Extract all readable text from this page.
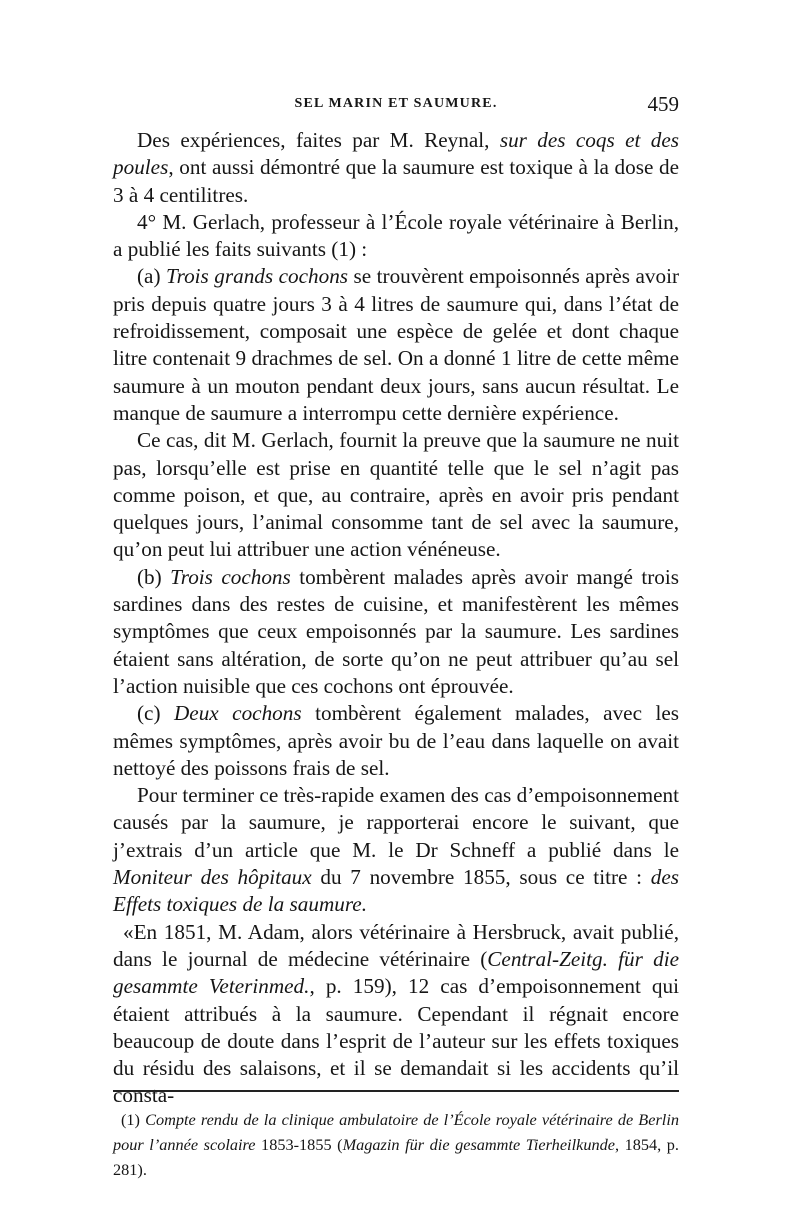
SEL MARIN ET SAUMURE.	459

Des expériences, faites par M. Reynal, sur des coqs et des poules, ont aussi démontré que la saumure est toxique à la dose de 3 à 4 centilitres.

4° M. Gerlach, professeur à l’École royale vétérinaire à Berlin, a publié les faits suivants (1) :

(a) Trois grands cochons se trouvèrent empoisonnés après avoir pris depuis quatre jours 3 à 4 litres de saumure qui, dans l’état de refroidissement, composait une espèce de gelée et dont chaque litre contenait 9 drachmes de sel. On a donné 1 litre de cette même saumure à un mouton pendant deux jours, sans aucun résultat. Le manque de saumure a interrompu cette dernière expérience.

Ce cas, dit M. Gerlach, fournit la preuve que la saumure ne nuit pas, lorsqu’elle est prise en quantité telle que le sel n’agit pas comme poison, et que, au contraire, après en avoir pris pendant quelques jours, l’animal consomme tant de sel avec la saumure, qu’on peut lui attribuer une action vénéneuse.

(b) Trois cochons tombèrent malades après avoir mangé trois sardines dans des restes de cuisine, et manifestèrent les mêmes symptômes que ceux empoisonnés par la saumure. Les sardines étaient sans altération, de sorte qu’on ne peut attribuer qu’au sel l’action nuisible que ces cochons ont éprouvée.

(c) Deux cochons tombèrent également malades, avec les mêmes symptômes, après avoir bu de l’eau dans laquelle on avait nettoyé des poissons frais de sel.

Pour terminer ce très-rapide examen des cas d’empoisonnement causés par la saumure, je rapporterai encore le suivant, que j’extrais d’un article que M. le Dr Schneff a publié dans le Moniteur des hôpitaux du 7 novembre 1855, sous ce titre : des Effets toxiques de la saumure.

«En 1851, M. Adam, alors vétérinaire à Hersbruck, avait publié, dans le journal de médecine vétérinaire (Central-Zeitg. für die gesammte Veterinmed., p. 159), 12 cas d’empoisonnement qui étaient attribués à la saumure. Cependant il régnait encore beaucoup de doute dans l’esprit de l’auteur sur les effets toxiques du résidu des salaisons, et il se demandait si les accidents qu’il consta-

(1) Compte rendu de la clinique ambulatoire de l’École royale vétérinaire de Berlin pour l’année scolaire 1853-1855 (Magazin für die gesammte Tierheilkunde, 1854, p. 281).
